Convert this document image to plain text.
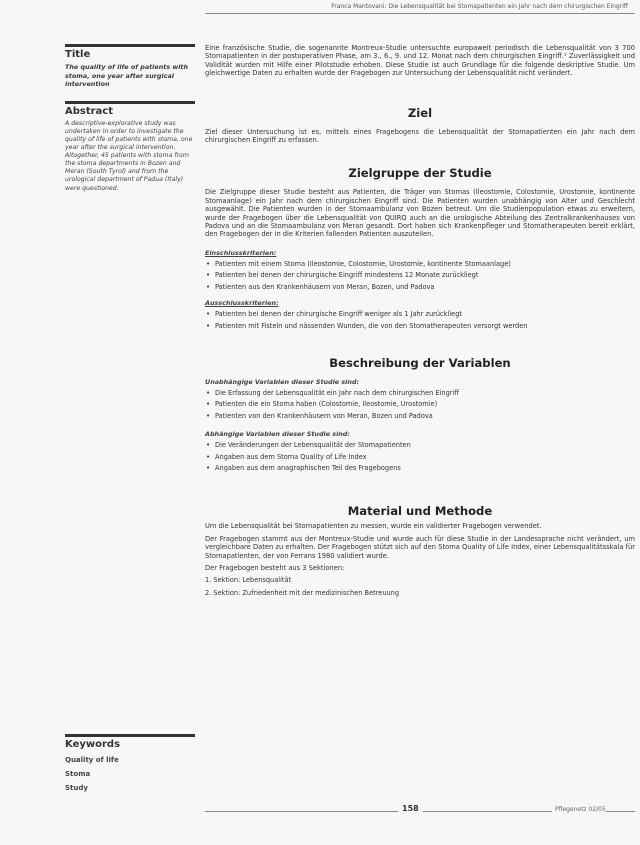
Franca Mantovani: Die Lebensqualität bei Stomapatienten ein Jahr nach dem chirurgischen Eingriff
Title

The quality of life of patients with stoma, one year after surgical intervention

Abstract

A descriptive-explorative study was undertaken in order to investigate the quality of life of patients with stoma, one year after the surgical intervention. Altogether, 45 patients with stoma from the stoma departments in Bozen and Meran (South Tyrol) and from the urological department of Padua (Italy) were questioned.

Keywords
Quality of life
Stoma
Study

Eine französische Studie, die sogenannte Montreux-Studie untersuchte europaweit periodisch die Lebensqualität von 3 700 Stomapatienten in der postoperativen Phase, am 3., 6., 9. und 12. Monat nach dem chirurgischen Eingriff.² Zuverlässigkeit und Validität wurden mit Hilfe einer Pilotstudie erhoben. Diese Studie ist auch Grundlage für die folgende deskriptive Studie. Um gleichwertige Daten zu erhalten wurde der Fragebogen zur Untersuchung der Lebensqualität nicht verändert.

Ziel

Ziel dieser Untersuchung ist es, mittels eines Fragebogens die Lebensqualität der Stomapatienten ein Jahr nach dem chirurgischen Eingriff zu erfassen.

Zielgruppe der Studie

Die Zielgruppe dieser Studie besteht aus Patienten, die Träger von Stomas (Ileostomie, Colostomie, Urostomie, kontinente Stomaanlage) ein Jahr nach dem chirurgischen Eingriff sind. Die Patienten wurden unabhängig von Alter und Geschlecht ausgewählt. Die Patienten wurden in der Stomaambulanz von Bozen betreut. Um die Studienpopulation etwas zu erweitern, wurde der Fragebogen über die Lebensqualität von QUIRQ auch an die urologische Abteilung des Zentralkrankenhauses von Padova und an die Stomaambulanz von Meran gesandt. Dort haben sich Krankenpfleger und Stomatherapeuten bereit erklärt, den Fragebogen der in die Kriterien fallenden Patienten auszuteilen.

Einschlusskriterien:
• Patienten mit einem Stoma (Ileostomie, Colostomie, Urostomie, kontinente Stomaanlage)
• Patienten bei denen der chirurgische Eingriff mindestens 12 Monate zurückliegt
• Patienten aus den Krankenhäusern von Meran, Bozen, und Padova
Ausschlusskriterien:
• Patienten bei denen der chirurgische Eingriff weniger als 1 Jahr zurückliegt
• Patienten mit Fisteln und nässenden Wunden, die von den Stomatherapeuten versorgt werden
Beschreibung der Variablen
Unabhängige Variablen dieser Studie sind:
• Die Erfassung der Lebensqualität ein Jahr nach dem chirurgischen Eingriff
• Patienten die ein Stoma haben (Colostomie, Ileostomie, Urostomie)
• Patienten von den Krankenhäusern von Meran, Bozen und Padova
Abhängige Variablen dieser Studie sind:
• Die Veränderungen der Lebensqualität der Stomapatienten
• Angaben aus dem Stoma Quality of Life Index
• Angaben aus dem anagraphischen Teil des Fragebogens
Material und Methode

Um die Lebensqualität bei Stomapatienten zu messen, wurde ein validierter Fragebogen verwendet.

Der Fragebogen stammt aus der Montreux-Studie und wurde auch für diese Studie in der Landessprache nicht verändert, um vergleichbare Daten zu erhalten. Der Fragebogen stützt sich auf den Stoma Quality of Life Index, einer Lebensqualitätsskala für Stomapatienten, der von Ferrans 1980 validiert wurde.

Der Fragebogen besteht aus 3 Sektionen:

1. Sektion: Lebensqualität
2. Sektion: Zufriedenheit mit der medizinischen Betreuung
158	Pflegenetz 02/05
